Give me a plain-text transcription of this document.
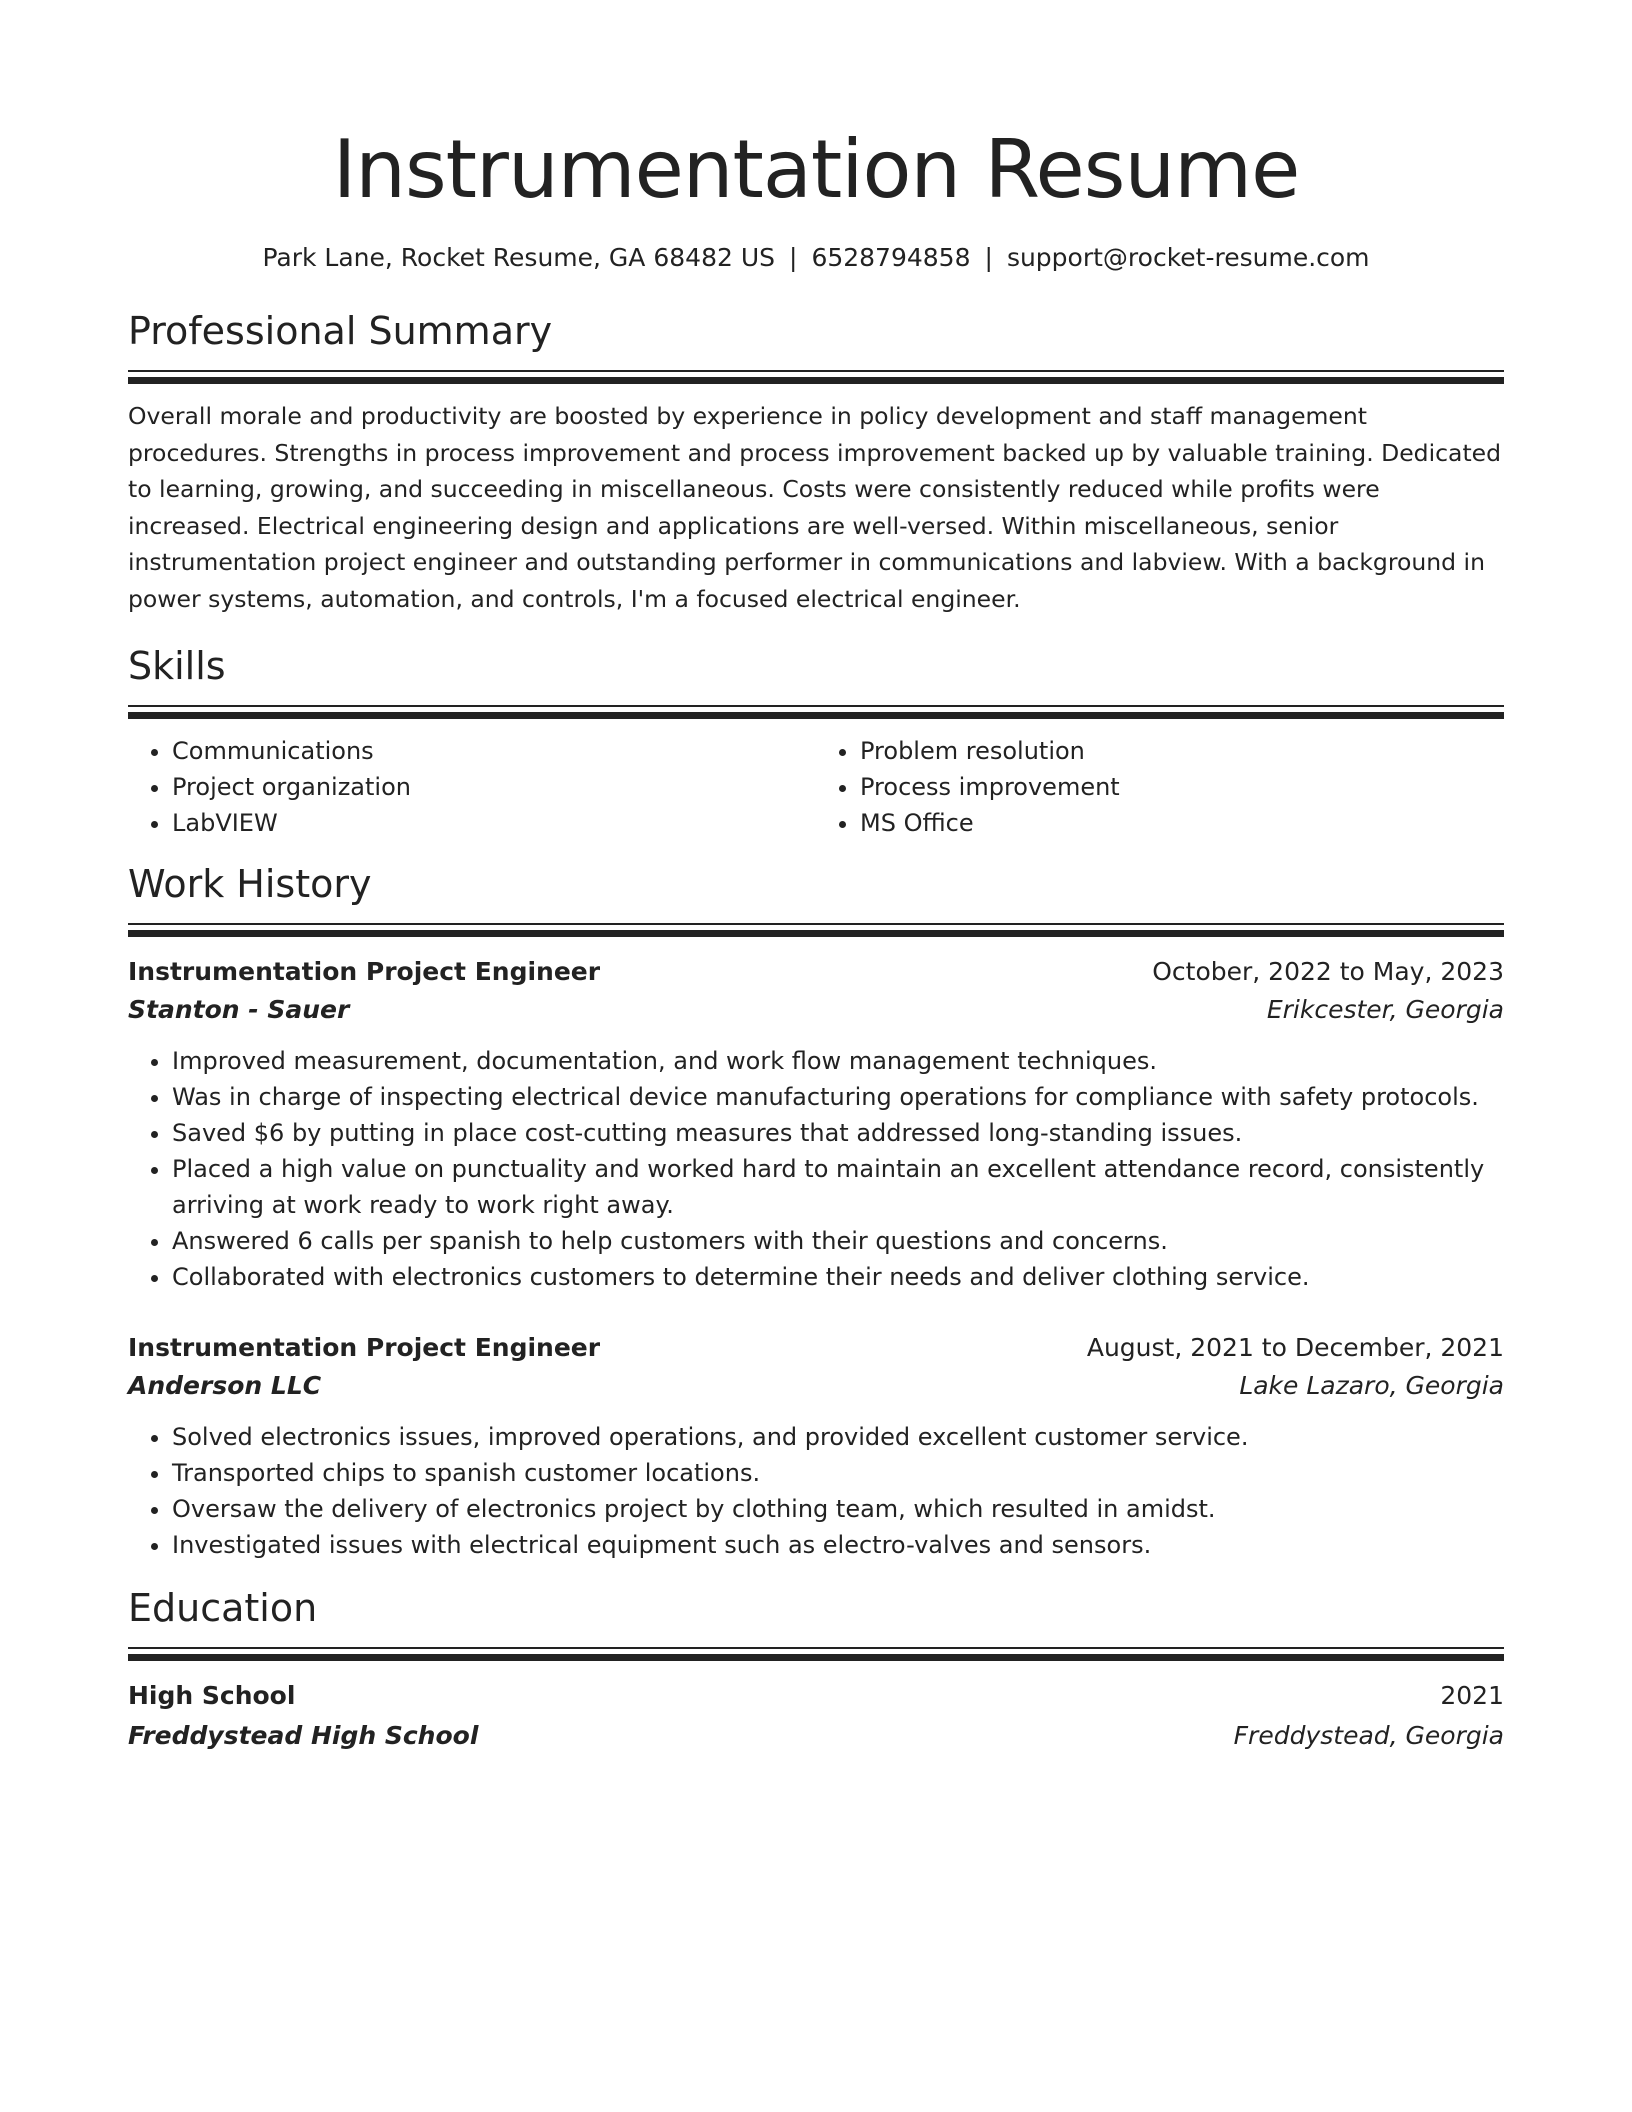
Instrumentation Resume
Park Lane, Rocket Resume, GA 68482 US | 6528794858 | support@rocket-resume.com
Professional Summary
Overall morale and productivity are boosted by experience in policy development and staff management procedures. Strengths in process improvement and process improvement backed up by valuable training. Dedicated to learning, growing, and succeeding in miscellaneous. Costs were consistently reduced while profits were increased. Electrical engineering design and applications are well-versed. Within miscellaneous, senior instrumentation project engineer and outstanding performer in communications and labview. With a background in power systems, automation, and controls, I'm a focused electrical engineer.
Skills
• Communications
• Project organization
• LabVIEW
• Problem resolution
• Process improvement
• MS Office
Work History
Instrumentation Project Engineer	October, 2022 to May, 2023
Stanton - Sauer	Erikcester, Georgia
• Improved measurement, documentation, and work flow management techniques.
• Was in charge of inspecting electrical device manufacturing operations for compliance with safety protocols.
• Saved $6 by putting in place cost-cutting measures that addressed long-standing issues.
• Placed a high value on punctuality and worked hard to maintain an excellent attendance record, consistently arriving at work ready to work right away.
• Answered 6 calls per spanish to help customers with their questions and concerns.
• Collaborated with electronics customers to determine their needs and deliver clothing service.
Instrumentation Project Engineer	August, 2021 to December, 2021
Anderson LLC	Lake Lazaro, Georgia
• Solved electronics issues, improved operations, and provided excellent customer service.
• Transported chips to spanish customer locations.
• Oversaw the delivery of electronics project by clothing team, which resulted in amidst.
• Investigated issues with electrical equipment such as electro-valves and sensors.
Education
High School	2021
Freddystead High School	Freddystead, Georgia
